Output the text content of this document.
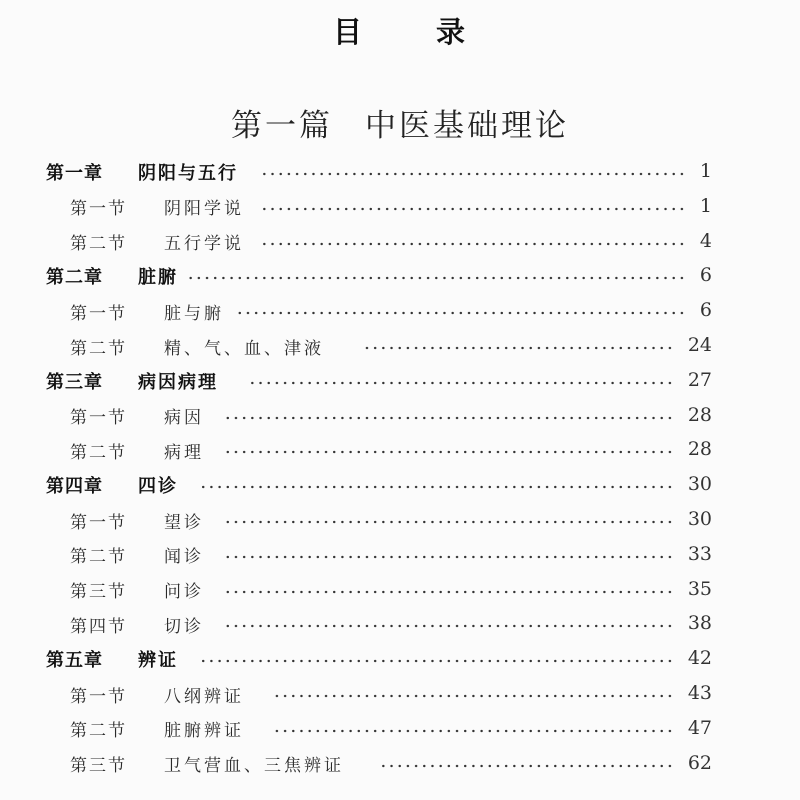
目 录
第一篇 中医基础理论
第一章	阴阳与五行	1
第一节	阴阳学说	1
第二节	五行学说	4
第二章	脏腑	6
第一节	脏与腑	6
第二节	精、气、血、津液	24
第三章	病因病理	27
第一节	病因	28
第二节	病理	28
第四章	四诊	30
第一节	望诊	30
第二节	闻诊	33
第三节	问诊	35
第四节	切诊	38
第五章	辨证	42
第一节	八纲辨证	43
第二节	脏腑辨证	47
第三节	卫气营血、三焦辨证	62
